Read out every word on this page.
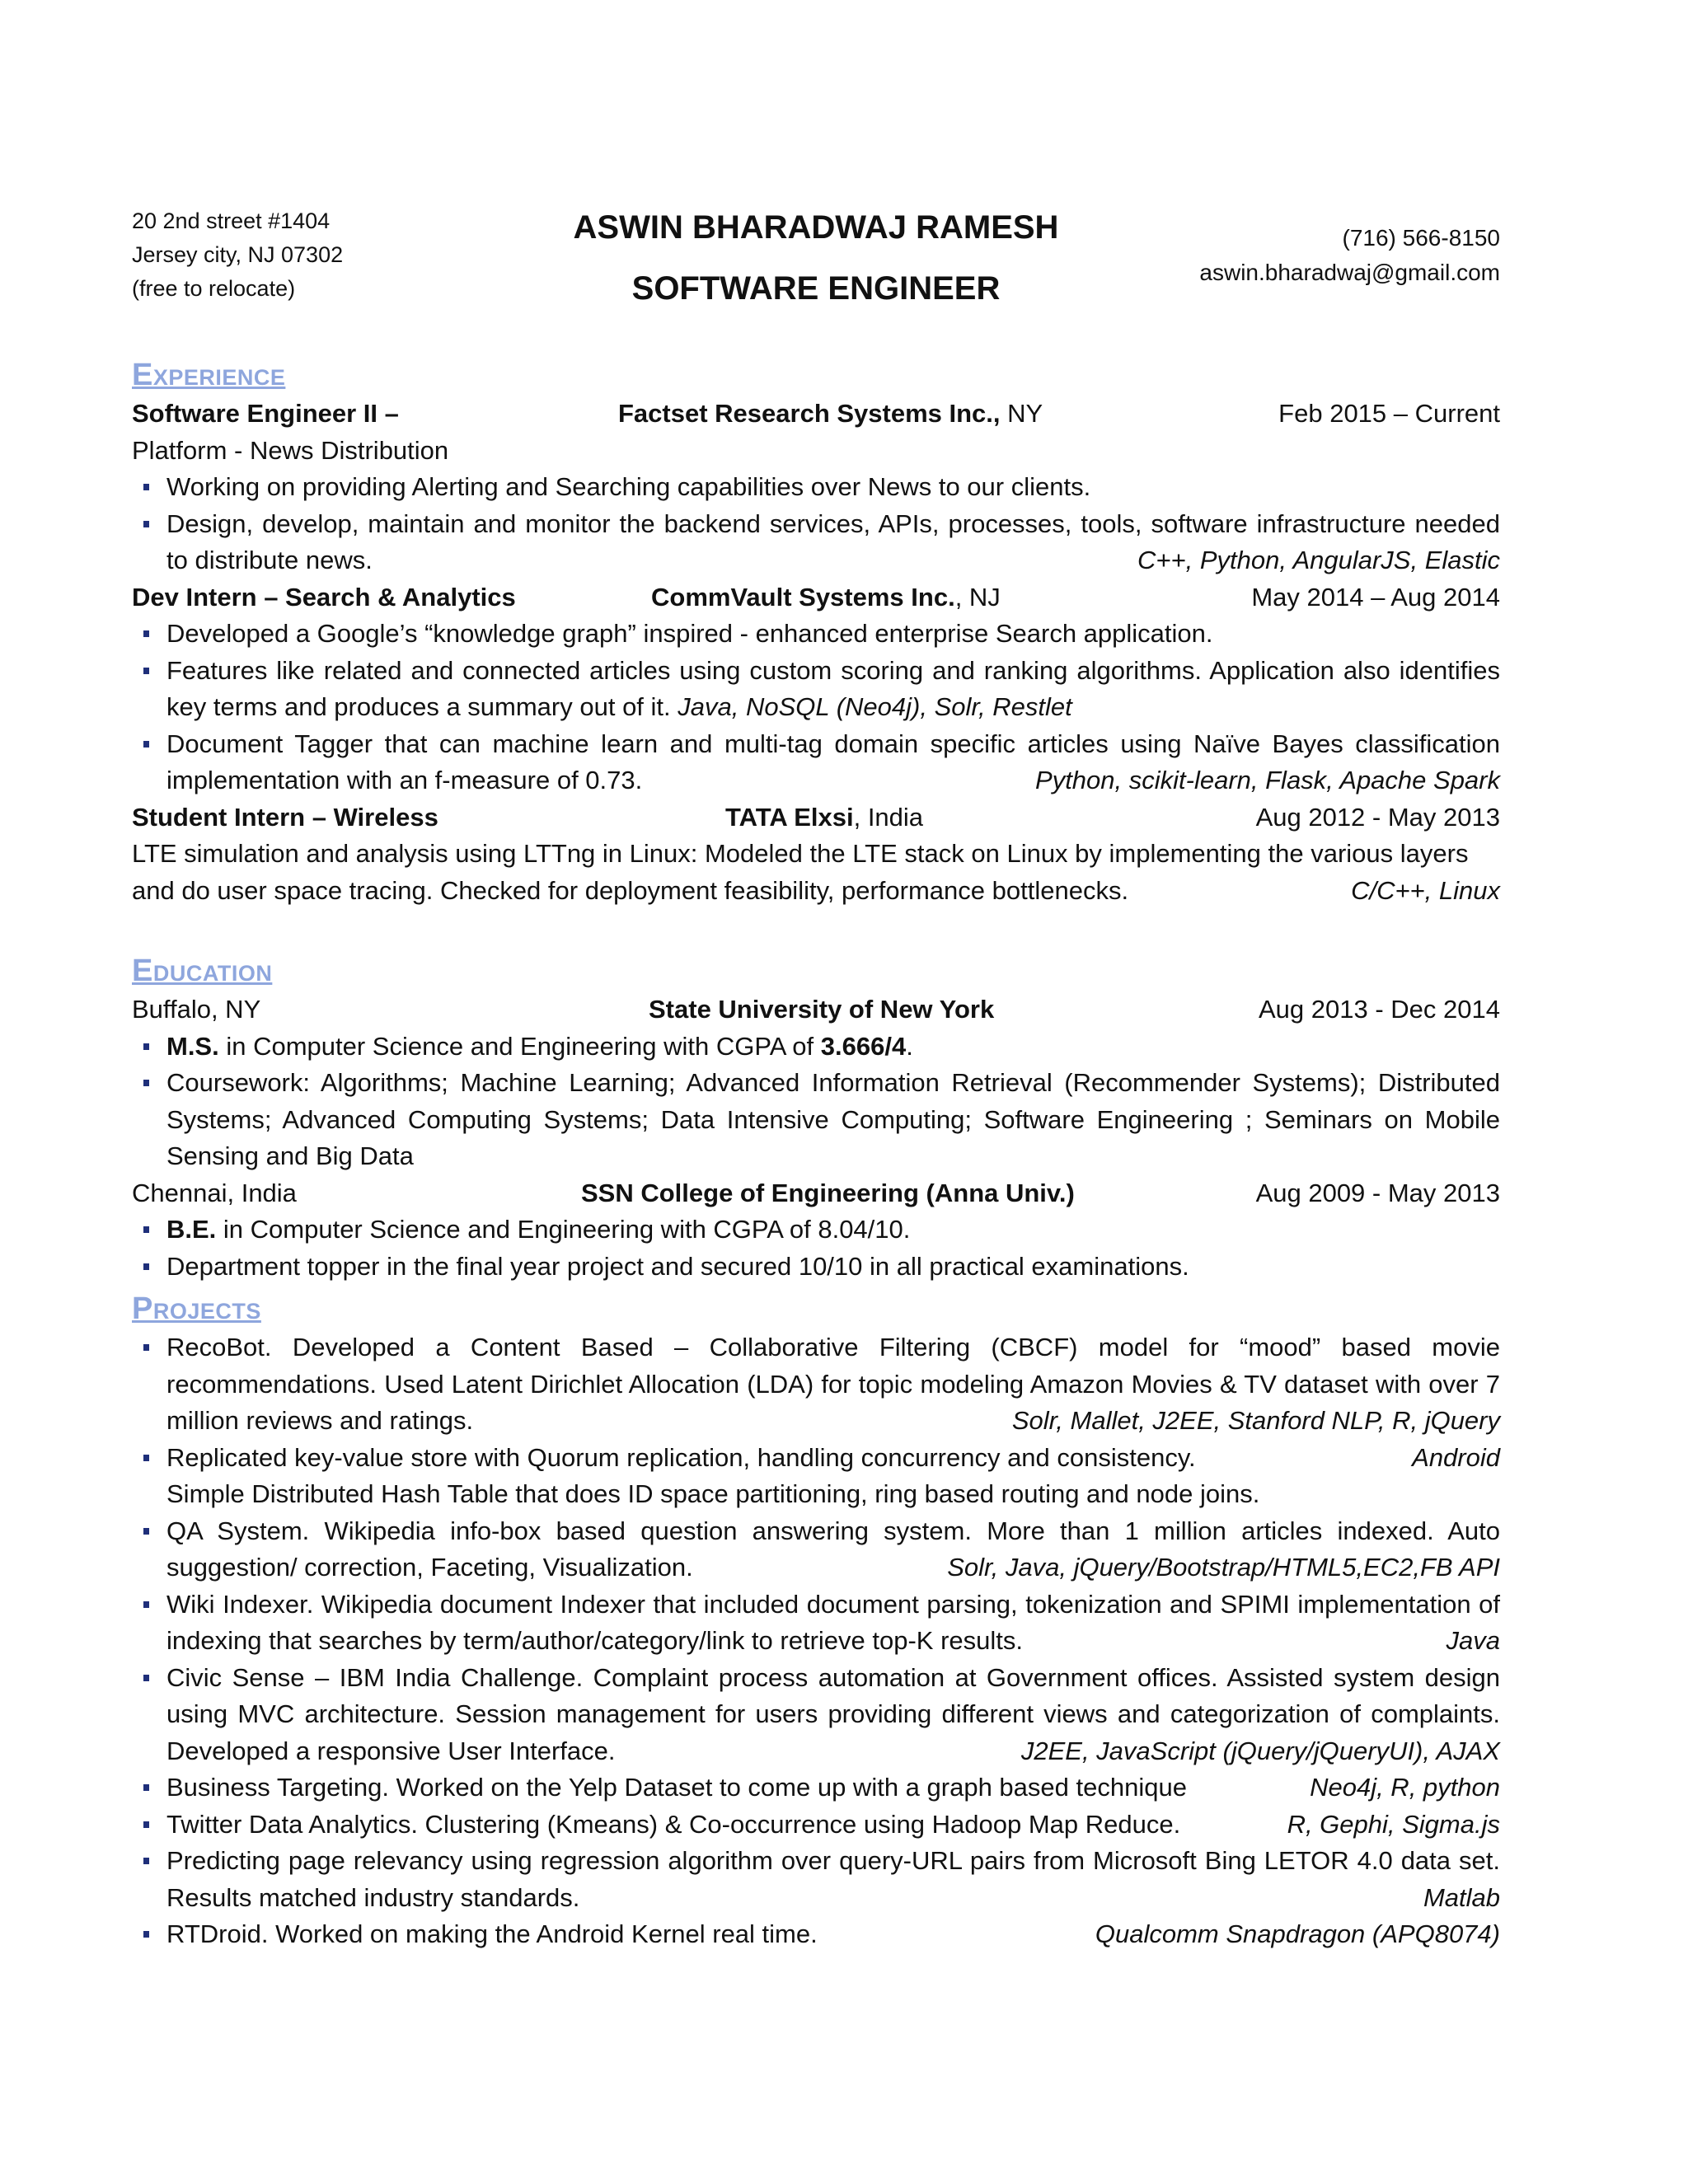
20 2nd street #1404
Jersey city, NJ 07302
(free to relocate)
ASWIN BHARADWAJ RAMESH
SOFTWARE ENGINEER
(716) 566-8150
aswin.bharadwaj@gmail.com
Experience
Software Engineer II –	Factset Research Systems Inc., NY	Feb 2015 – Current
Platform - News Distribution
Working on providing Alerting and Searching capabilities over News to our clients.
Design, develop, maintain and monitor the backend services, APIs, processes, tools, software infrastructure needed to distribute news.	C++, Python, AngularJS, Elastic
Dev Intern – Search & Analytics	CommVault Systems Inc., NJ	May 2014 – Aug 2014
Developed a Google’s “knowledge graph” inspired - enhanced enterprise Search application.
Features like related and connected articles using custom scoring and ranking algorithms. Application also identifies key terms and produces a summary out of it. Java, NoSQL (Neo4j), Solr, Restlet
Document Tagger that can machine learn and multi-tag domain specific articles using Naïve Bayes classification implementation with an f-measure of 0.73.	Python, scikit-learn, Flask, Apache Spark
Student Intern – Wireless	TATA Elxsi, India	Aug 2012 - May 2013
LTE simulation and analysis using LTTng in Linux: Modeled the LTE stack on Linux by implementing the various layers and do user space tracing. Checked for deployment feasibility, performance bottlenecks.	C/C++, Linux
Education
Buffalo, NY	State University of New York	Aug 2013 - Dec 2014
M.S. in Computer Science and Engineering with CGPA of 3.666/4.
Coursework: Algorithms; Machine Learning; Advanced Information Retrieval (Recommender Systems); Distributed Systems; Advanced Computing Systems; Data Intensive Computing; Software Engineering ; Seminars on Mobile Sensing and Big Data
Chennai, India	SSN College of Engineering (Anna Univ.)	Aug 2009 - May 2013
B.E. in Computer Science and Engineering with CGPA of 8.04/10.
Department topper in the final year project and secured 10/10 in all practical examinations.
Projects
RecoBot. Developed a Content Based – Collaborative Filtering (CBCF) model for “mood” based movie recommendations. Used Latent Dirichlet Allocation (LDA) for topic modeling Amazon Movies & TV dataset with over 7 million reviews and ratings.	Solr, Mallet, J2EE, Stanford NLP, R, jQuery
Replicated key-value store with Quorum replication, handling concurrency and consistency.	Android

Simple Distributed Hash Table that does ID space partitioning, ring based routing and node joins.
QA System. Wikipedia info-box based question answering system. More than 1 million articles indexed. Auto suggestion/ correction, Faceting, Visualization.	Solr, Java, jQuery/Bootstrap/HTML5,EC2,FB API
Wiki Indexer. Wikipedia document Indexer that included document parsing, tokenization and SPIMI implementation of indexing that searches by term/author/category/link to retrieve top-K results.	Java
Civic Sense – IBM India Challenge. Complaint process automation at Government offices. Assisted system design using MVC architecture. Session management for users providing different views and categorization of complaints. Developed a responsive User Interface.	J2EE, JavaScript (jQuery/jQueryUI), AJAX
Business Targeting. Worked on the Yelp Dataset to come up with a graph based technique	Neo4j, R, python
Twitter Data Analytics. Clustering (Kmeans) & Co-occurrence using Hadoop Map Reduce.	R, Gephi, Sigma.js
Predicting page relevancy using regression algorithm over query-URL pairs from Microsoft Bing LETOR 4.0 data set. Results matched industry standards.	Matlab
RTDroid. Worked on making the Android Kernel real time.	Qualcomm Snapdragon (APQ8074)
